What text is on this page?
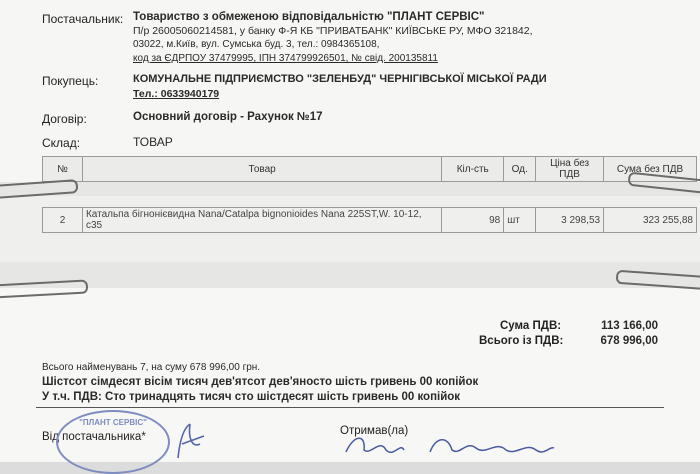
Постачальник: Товариство з обмеженою відповідальністю "ПЛАНТ СЕРВІС"
П/р 26005060214581, у банку Ф-Я КБ "ПРИВАТБАНК" КИЇВСЬКЕ РУ, МФО 321842,
03022, м.Київ, вул. Сумська буд. 3, тел.: 0984365108,
код за ЄДРПОУ 37479995, ІПН 374799926501, № свід. 200135811
Покупець:	КОМУНАЛЬНЕ ПІДПРИЄМСТВО "ЗЕЛЕНБУД" ЧЕРНІГІВСЬКОЇ МІСЬКОЇ РАДИ
Тел.: 0633940179
Договір:	Основний договір - Рахунок №17
Склад:	ТОВАР
№	Товар	Кіл-сть	Од.	Ціна без ПДВ	Сума без ПДВ
2	Катальпа бігнонієвидна Nana/Catalpa bignonioides Nana 225ST,W. 10-12, с35	98	шт	3 298,53	323 255,88
Сума ПДВ:	113 166,00
Всього із ПДВ:	678 996,00
Всього найменувань 7, на суму 678 996,00 грн.
Шістсот сімдесят вісім тисяч дев'ятсот дев'яносто шість гривень 00 копійок
У т.ч. ПДВ: Сто тринадцять тисяч сто шістдесят шість гривень 00 копійок
Від постачальника*	Отримав(ла)
"ПЛАНТ СЕРВІС"
